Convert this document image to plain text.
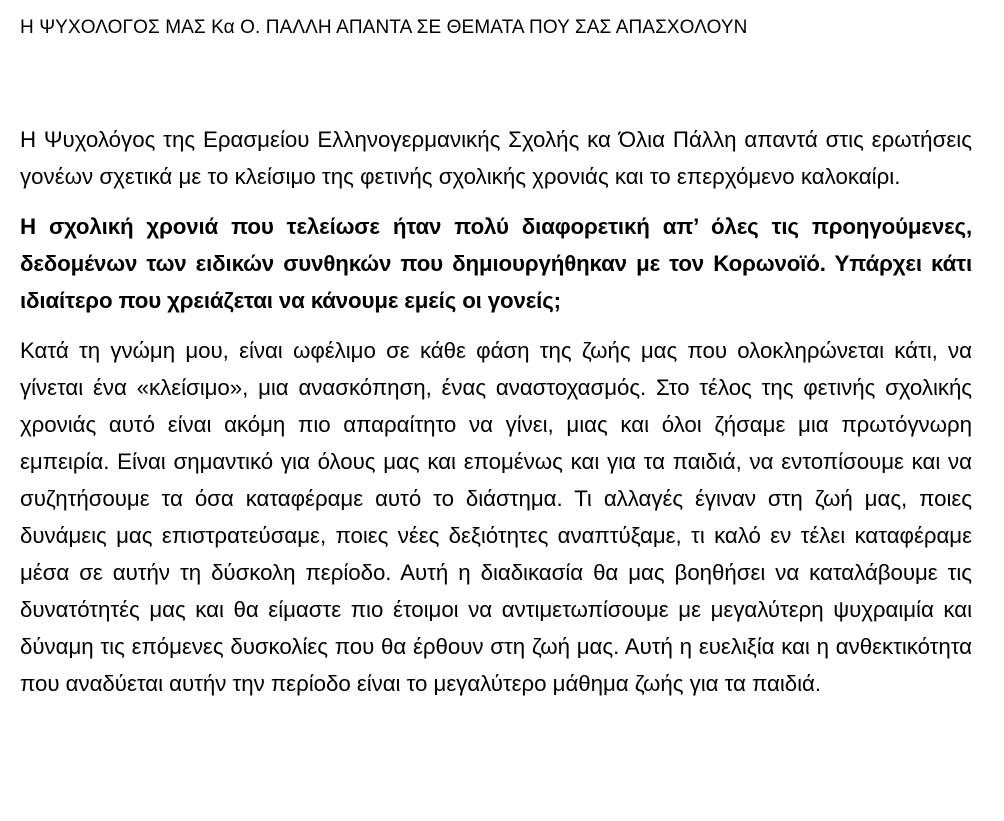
Η ΨΥΧΟΛΟΓΟΣ ΜΑΣ Κα Ο. ΠΑΛΛΗ ΑΠΑΝΤΑ ΣΕ ΘΕΜΑΤΑ ΠΟΥ ΣΑΣ ΑΠΑΣΧΟΛΟΥΝ

Η Ψυχολόγος της Ερασμείου Ελληνογερμανικής Σχολής κα Όλια Πάλλη απαντά στις ερωτήσεις γονέων σχετικά με το κλείσιμο της φετινής σχολικής χρονιάς και το επερχόμενο καλοκαίρι.

Η σχολική χρονιά που τελείωσε ήταν πολύ διαφορετική απ’ όλες τις προηγούμενες, δεδομένων των ειδικών συνθηκών που δημιουργήθηκαν με τον Κορωνοϊό. Υπάρχει κάτι ιδιαίτερο που χρειάζεται να κάνουμε εμείς οι γονείς;

Κατά τη γνώμη μου, είναι ωφέλιμο σε κάθε φάση της ζωής μας που ολοκληρώνεται κάτι, να γίνεται ένα «κλείσιμο», μια ανασκόπηση, ένας αναστοχασμός. Στο τέλος της φετινής σχολικής χρονιάς αυτό είναι ακόμη πιο απαραίτητο να γίνει, μιας και όλοι ζήσαμε μια πρωτόγνωρη εμπειρία. Είναι σημαντικό για όλους μας και επομένως και για τα παιδιά, να εντοπίσουμε και να συζητήσουμε τα όσα καταφέραμε αυτό το διάστημα. Τι αλλαγές έγιναν στη ζωή μας, ποιες δυνάμεις μας επιστρατεύσαμε, ποιες νέες δεξιότητες αναπτύξαμε, τι καλό εν τέλει καταφέραμε μέσα σε αυτήν τη δύσκολη περίοδο. Αυτή η διαδικασία θα μας βοηθήσει να καταλάβουμε τις δυνατότητές μας και θα είμαστε πιο έτοιμοι να αντιμετωπίσουμε με μεγαλύτερη ψυχραιμία και δύναμη τις επόμενες δυσκολίες που θα έρθουν στη ζωή μας. Αυτή η ευελιξία και η ανθεκτικότητα που αναδύεται αυτήν την περίοδο είναι το μεγαλύτερο μάθημα ζωής για τα παιδιά.
